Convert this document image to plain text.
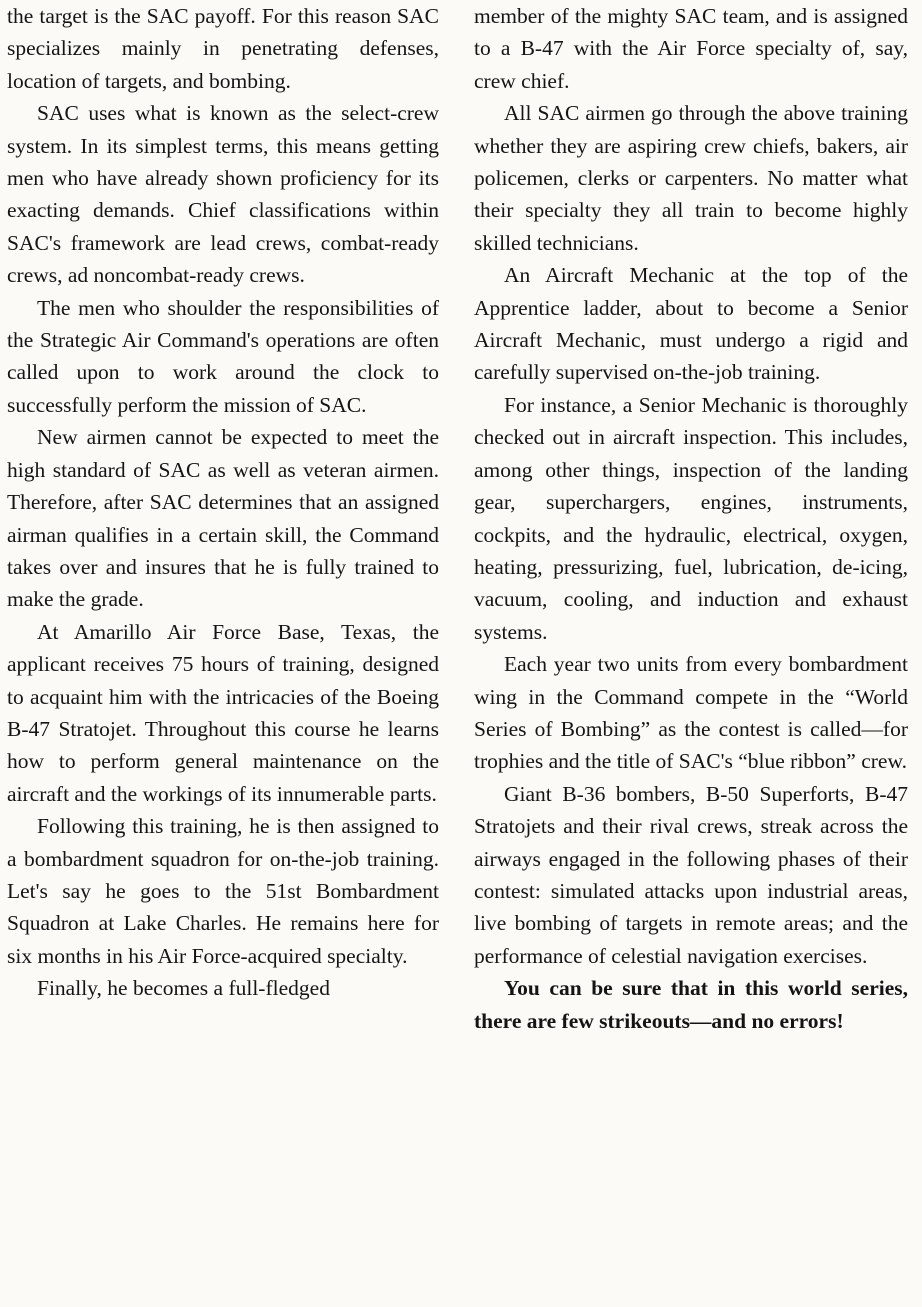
the target is the SAC payoff. For this reason SAC specializes mainly in penetrating defenses, location of targets, and bombing.

SAC uses what is known as the select-crew system. In its simplest terms, this means getting men who have already shown proficiency for its exacting demands. Chief classifications within SAC's framework are lead crews, combat-ready crews, ad noncombat-ready crews.

The men who shoulder the responsibilities of the Strategic Air Command's operations are often called upon to work around the clock to successfully perform the mission of SAC.

New airmen cannot be expected to meet the high standard of SAC as well as veteran airmen. Therefore, after SAC determines that an assigned airman qualifies in a certain skill, the Command takes over and insures that he is fully trained to make the grade.

At Amarillo Air Force Base, Texas, the applicant receives 75 hours of training, designed to acquaint him with the intricacies of the Boeing B-47 Stratojet. Throughout this course he learns how to perform general maintenance on the aircraft and the workings of its innumerable parts.

Following this training, he is then assigned to a bombardment squadron for on-the-job training. Let's say he goes to the 51st Bombardment Squadron at Lake Charles. He remains here for six months in his Air Force-acquired specialty.

Finally, he becomes a full-fledged

member of the mighty SAC team, and is assigned to a B-47 with the Air Force specialty of, say, crew chief.

All SAC airmen go through the above training whether they are aspiring crew chiefs, bakers, air policemen, clerks or carpenters. No matter what their specialty they all train to become highly skilled technicians.

An Aircraft Mechanic at the top of the Apprentice ladder, about to become a Senior Aircraft Mechanic, must undergo a rigid and carefully supervised on-the-job training.

For instance, a Senior Mechanic is thoroughly checked out in aircraft inspection. This includes, among other things, inspection of the landing gear, superchargers, engines, instruments, cockpits, and the hydraulic, electrical, oxygen, heating, pressurizing, fuel, lubrication, de-icing, vacuum, cooling, and induction and exhaust systems.

Each year two units from every bombardment wing in the Command compete in the “World Series of Bombing” as the contest is called—for trophies and the title of SAC's “blue ribbon” crew.

Giant B-36 bombers, B-50 Superforts, B-47 Stratojets and their rival crews, streak across the airways engaged in the following phases of their contest: simulated attacks upon industrial areas, live bombing of targets in remote areas; and the performance of celestial navigation exercises.

You can be sure that in this world series, there are few strikeouts—and no errors!
